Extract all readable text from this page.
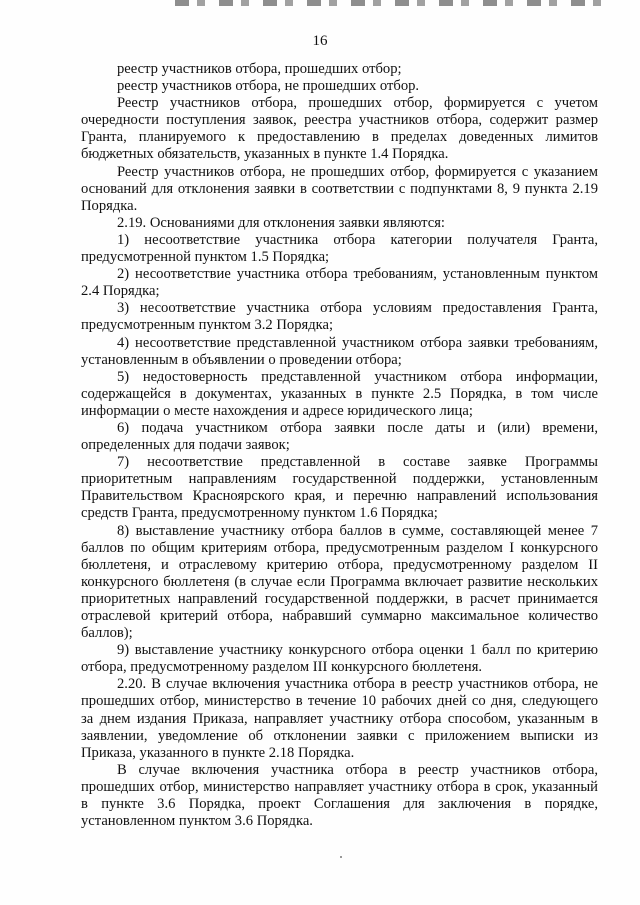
16

реестр участников отбора, прошедших отбор;

реестр участников отбора, не прошедших отбор.

Реестр участников отбора, прошедших отбор, формируется с учетом очередности поступления заявок, реестра участников отбора, содержит размер Гранта, планируемого к предоставлению в пределах доведенных лимитов бюджетных обязательств, указанных в пункте 1.4 Порядка.

Реестр участников отбора, не прошедших отбор, формируется с указанием оснований для отклонения заявки в соответствии с подпунктами 8, 9 пункта 2.19 Порядка.

2.19. Основаниями для отклонения заявки являются:

1) несоответствие участника отбора категории получателя Гранта, предусмотренной пунктом 1.5 Порядка;

2) несоответствие участника отбора требованиям, установленным пунктом 2.4 Порядка;

3) несоответствие участника отбора условиям предоставления Гранта, предусмотренным пунктом 3.2 Порядка;

4) несоответствие представленной участником отбора заявки требованиям, установленным в объявлении о проведении отбора;

5) недостоверность представленной участником отбора информации, содержащейся в документах, указанных в пункте 2.5 Порядка, в том числе информации о месте нахождения и адресе юридического лица;

6) подача участником отбора заявки после даты и (или) времени, определенных для подачи заявок;

7) несоответствие представленной в составе заявке Программы приоритетным направлениям государственной поддержки, установленным Правительством Красноярского края, и перечню направлений использования средств Гранта, предусмотренному пунктом 1.6 Порядка;

8) выставление участнику отбора баллов в сумме, составляющей менее 7 баллов по общим критериям отбора, предусмотренным разделом I конкурсного бюллетеня, и отраслевому критерию отбора, предусмотренному разделом II конкурсного бюллетеня (в случае если Программа включает развитие нескольких приоритетных направлений государственной поддержки, в расчет принимается отраслевой критерий отбора, набравший суммарно максимальное количество баллов);

9) выставление участнику конкурсного отбора оценки 1 балл по критерию отбора, предусмотренному разделом III конкурсного бюллетеня.

2.20. В случае включения участника отбора в реестр участников отбора, не прошедших отбор, министерство в течение 10 рабочих дней со дня, следующего за днем издания Приказа, направляет участнику отбора способом, указанным в заявлении, уведомление об отклонении заявки с приложением выписки из Приказа, указанного в пункте 2.18 Порядка.

В случае включения участника отбора в реестр участников отбора, прошедших отбор, министерство направляет участнику отбора в срок, указанный в пункте 3.6 Порядка, проект Соглашения для заключения в порядке, установленном пунктом 3.6 Порядка.
